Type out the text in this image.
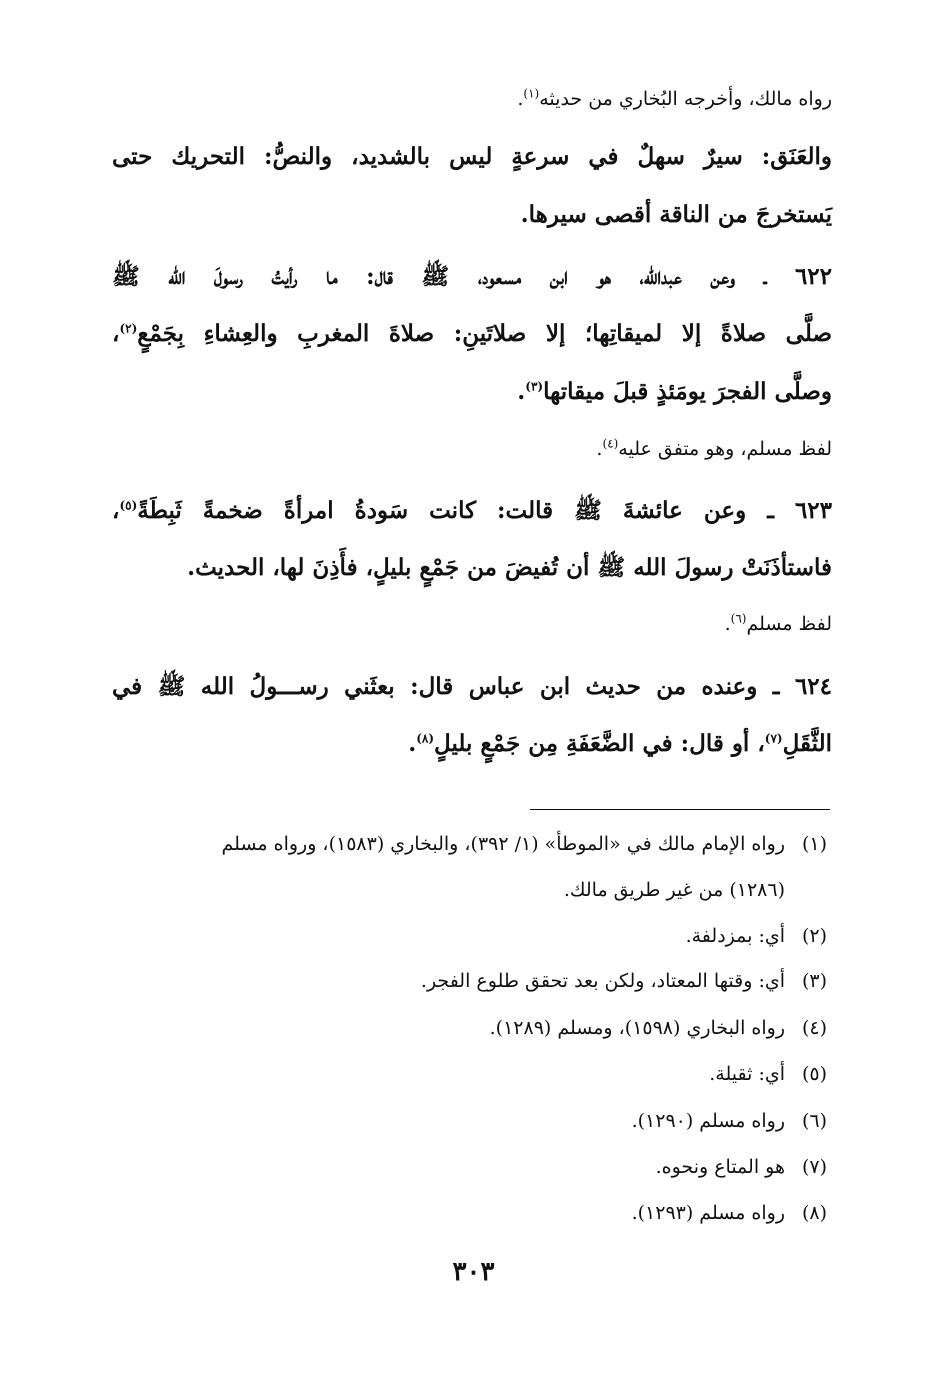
رواه مالك، وأخرجه البُخاري من حديثه$^{(١)}$.
والعَنَق: سيرٌ سهلٌ في سرعةٍ ليس بالشديد، والنصُّ: التحريك حتى
يَستخرجَ من الناقة أقصى سيرها.
٦٢٢ ـ وعن عبدالله، هو ابن مسعود، ﷺ قال: ما رأيتُ رسولَ الله ﷺ
صلَّى صلاةً إلا لميقاتِها؛ إلا صلاتَينِ: صلاةَ المغربِ والعِشاءِ بِجَمْعٍ$^{(٢)}$،
وصلَّى الفجرَ يومَئذٍ قبلَ ميقاتها$^{(٣)}$.
لفظ مسلم، وهو متفق عليه$^{(٤)}$.
٦٢٣ ـ وعن عائشةَ ﷺ قالت: كانت سَودةُ امرأةً ضخمةً ثَبِطَةً$^{(٥)}$،
فاستأذَنَتْ رسولَ الله ﷺ أن تُفيضَ من جَمْعٍ بليلٍ، فأَذِنَ لها، الحديث.
لفظ مسلم$^{(٦)}$.
٦٢٤ ـ وعنده من حديث ابن عباس قال: بعثَني رســـولُ الله ﷺ في
الثَّقَلِ$^{(٧)}$، أو قال: في الضَّعَفَةِ مِن جَمْعٍ بليلٍ$^{(٨)}$.
(١)رواه الإمام مالك في «الموطأ» (١/ ٣٩٢)، والبخاري (١٥٨٣)، ورواه مسلم
(١٢٨٦) من غير طريق مالك.
(٢)أي: بمزدلفة.
(٣)أي: وقتها المعتاد، ولكن بعد تحقق طلوع الفجر.
(٤)رواه البخاري (١٥٩٨)، ومسلم (١٢٨٩).
(٥)أي: ثقيلة.
(٦)رواه مسلم (١٢٩٠).
(٧)هو المتاع ونحوه.
(٨)رواه مسلم (١٢٩٣).
٣٠٣
